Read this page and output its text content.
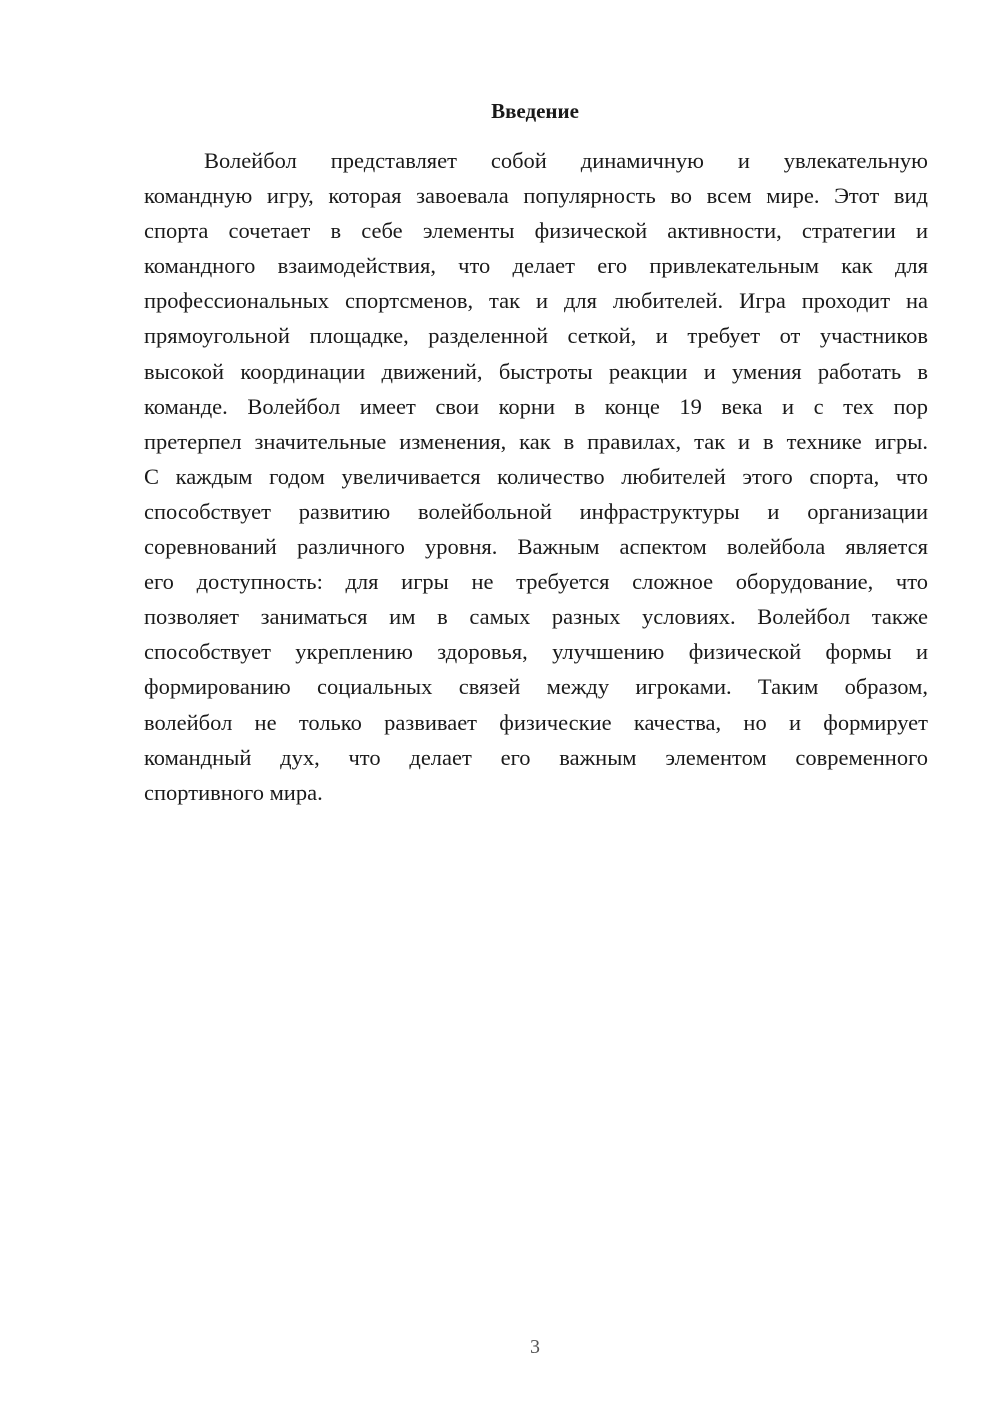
Введение
Волейбол представляет собой динамичную и увлекательную
командную игру, которая завоевала популярность во всем мире. Этот вид
спорта сочетает в себе элементы физической активности, стратегии и
командного взаимодействия, что делает его привлекательным как для
профессиональных спортсменов, так и для любителей. Игра проходит на
прямоугольной площадке, разделенной сеткой, и требует от участников
высокой координации движений, быстроты реакции и умения работать в
команде. Волейбол имеет свои корни в конце 19 века и с тех пор
претерпел значительные изменения, как в правилах, так и в технике игры.
С каждым годом увеличивается количество любителей этого спорта, что
способствует развитию волейбольной инфраструктуры и организации
соревнований различного уровня. Важным аспектом волейбола является
его доступность: для игры не требуется сложное оборудование, что
позволяет заниматься им в самых разных условиях. Волейбол также
способствует укреплению здоровья, улучшению физической формы и
формированию социальных связей между игроками. Таким образом,
волейбол не только развивает физические качества, но и формирует
командный дух, что делает его важным элементом современного
спортивного мира.
3
